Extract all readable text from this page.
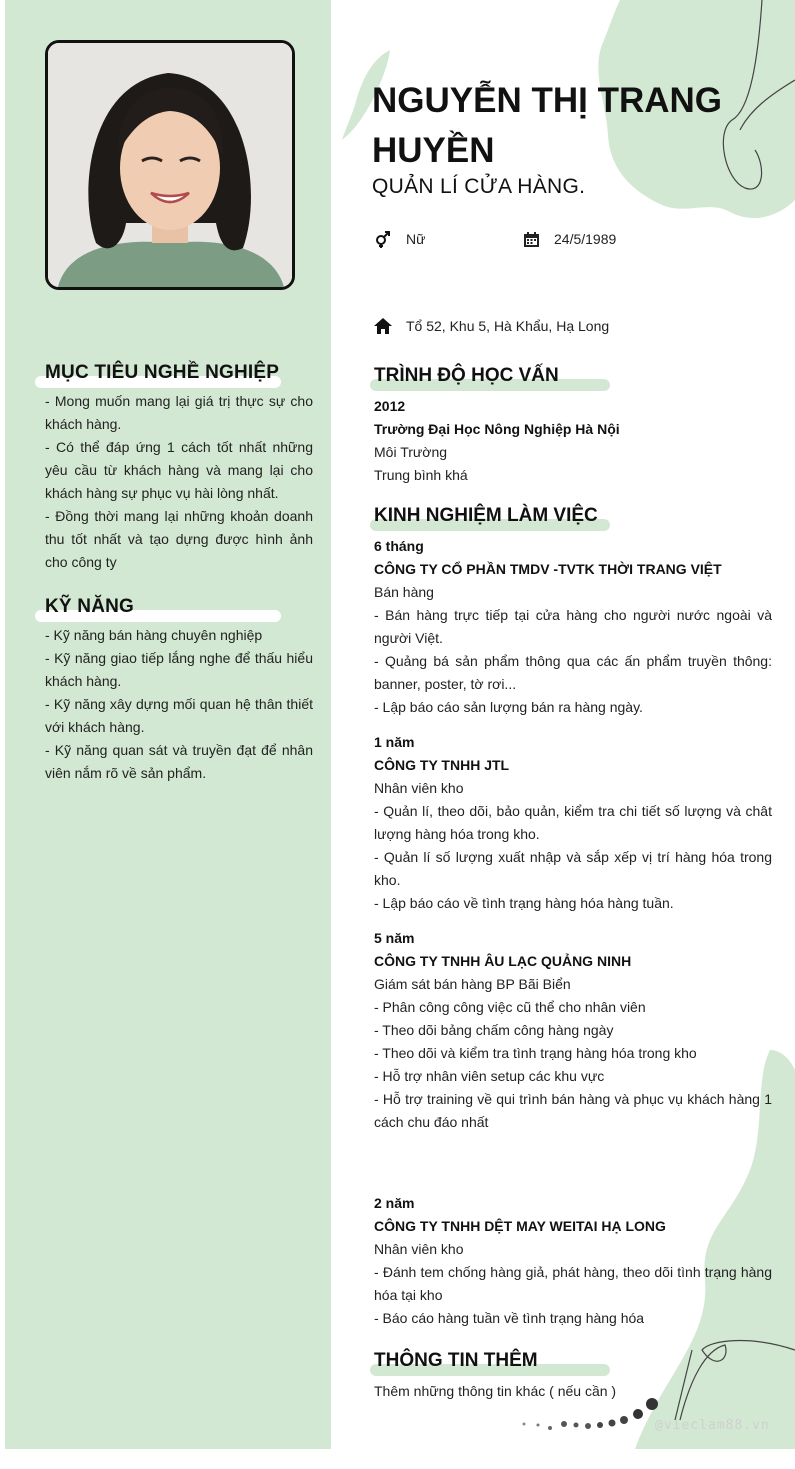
MỤC TIÊU NGHỀ NGHIỆP
- Mong muốn mang lại giá trị thực sự cho khách hàng.
- Có thể đáp ứng 1 cách tốt nhất những yêu cầu từ khách hàng và mang lại cho khách hàng sự phục vụ hài lòng nhất.
- Đồng thời mang lại những khoản doanh thu tốt nhất và tạo dựng được hình ảnh cho công ty
KỸ NĂNG
- Kỹ năng bán hàng chuyên nghiệp
- Kỹ năng giao tiếp lắng nghe để thấu hiểu khách hàng.
- Kỹ năng xây dựng mối quan hệ thân thiết với khách hàng.
- Kỹ năng quan sát và truyền đạt để nhân viên nắm rõ về sản phẩm.
NGUYỄN THỊ TRANG
HUYỀN
QUẢN LÍ CỬA HÀNG.
Nữ	24/5/1989
Tổ 52, Khu 5, Hà Khẩu, Hạ Long
TRÌNH ĐỘ HỌC VẤN
2012
Trường Đại Học Nông Nghiệp Hà Nội
Môi Trường
Trung bình khá
KINH NGHIỆM LÀM VIỆC
6 tháng
CÔNG TY CỔ PHẦN TMDV -TVTK THỜI TRANG VIỆT
Bán hàng
- Bán hàng trực tiếp tại cửa hàng cho người nước ngoài và người Việt.
- Quảng bá sản phẩm thông qua các ấn phẩm truyền thông: banner, poster, tờ rơi...
- Lập báo cáo sản lượng bán ra hàng ngày.
1 năm
CÔNG TY TNHH JTL
Nhân viên kho
- Quản lí, theo dõi, bảo quản, kiểm tra chi tiết số lượng và chât lượng hàng hóa trong kho.
- Quản lí số lượng xuất nhập và sắp xếp vị trí hàng hóa trong kho.
- Lập báo cáo về tình trạng hàng hóa hàng tuần.
5 năm
CÔNG TY TNHH ÂU LẠC QUẢNG NINH
Giám sát bán hàng BP Bãi Biển
- Phân công công việc cũ thể cho nhân viên
- Theo dõi bảng chấm công hàng ngày
- Theo dõi và kiểm tra tình trạng hàng hóa trong kho
- Hỗ trợ nhân viên setup các khu vực
- Hỗ trợ training về qui trình bán hàng và phục vụ khách hàng 1 cách chu đáo nhất
2 năm
CÔNG TY TNHH DỆT MAY WEITAI HẠ LONG
Nhân viên kho
- Đánh tem chống hàng giả, phát hàng, theo dõi tình trạng hàng hóa tại kho
- Báo cáo hàng tuần về tình trạng hàng hóa
THÔNG TIN THÊM
Thêm những thông tin khác ( nếu cần )
@vieclam88.vn
